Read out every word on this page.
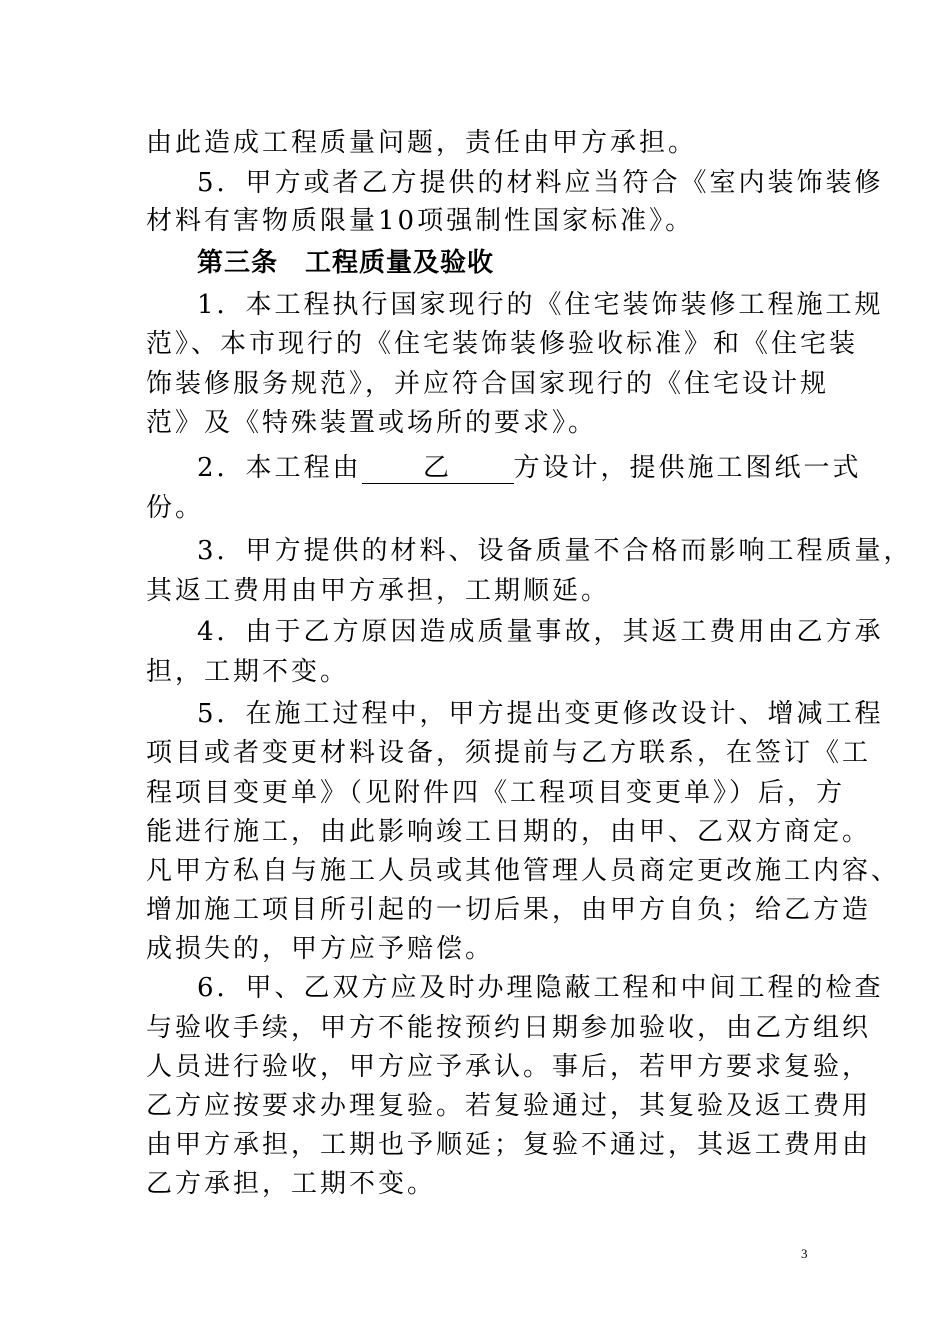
由此造成工程质量问题，责任由甲方承担。
5．甲方或者乙方提供的材料应当符合《室内装饰装修
材料有害物质限量10项强制性国家标准》。
第三条　工程质量及验收
1．本工程执行国家现行的《住宅装饰装修工程施工规
范》、本市现行的《住宅装饰装修验收标准》和《住宅装
饰装修服务规范》，并应符合国家现行的《住宅设计规
范》及《特殊装置或场所的要求》。
2．本工程由 乙 方设计，提供施工图纸一式
份。
3．甲方提供的材料、设备质量不合格而影响工程质量，
其返工费用由甲方承担，工期顺延。
4．由于乙方原因造成质量事故，其返工费用由乙方承
担，工期不变。
5．在施工过程中，甲方提出变更修改设计、增减工程
项目或者变更材料设备，须提前与乙方联系，在签订《工
程项目变更单》（见附件四《工程项目变更单》）后，方
能进行施工，由此影响竣工日期的，由甲、乙双方商定。
凡甲方私自与施工人员或其他管理人员商定更改施工内容、
增加施工项目所引起的一切后果，由甲方自负；给乙方造
成损失的，甲方应予赔偿。
6．甲、乙双方应及时办理隐蔽工程和中间工程的检查
与验收手续，甲方不能按预约日期参加验收，由乙方组织
人员进行验收，甲方应予承认。事后，若甲方要求复验，
乙方应按要求办理复验。若复验通过，其复验及返工费用
由甲方承担，工期也予顺延；复验不通过，其返工费用由
乙方承担，工期不变。
3
